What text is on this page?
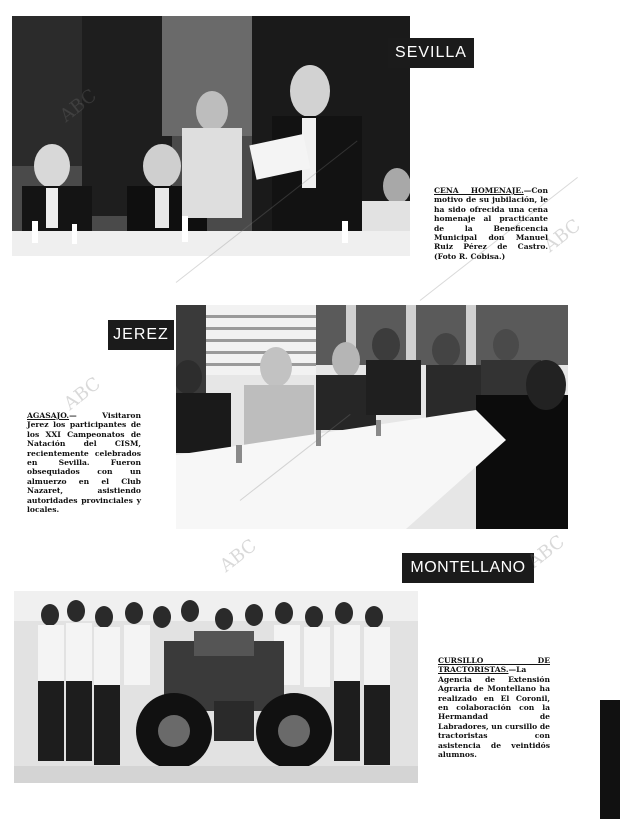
SEVILLA
CENA HOMENAJE.—Con motivo de su jubilación, le ha sido ofrecida una cena homenaje al practicante de la Beneficencia Municipal don Manuel Ruiz Pérez de Castro. (Foto R. Cobisa.)
JEREZ
AGASAJO.— Visitaron Jerez los participantes de los XXI Campeonatos de Natación del CISM, recientemente celebrados en Sevilla. Fueron obsequiados con un almuerzo en el Club Nazaret, asistiendo autoridades provinciales y locales.
MONTELLANO
CURSILLO DE TRACTORISTAS.—La Agencia de Extensión Agraria de Montellano ha realizado en El Coronil, en colaboración con la Hermandad de Labradores, un cursillo de tractoristas con asistencia de veintidós alumnos.
ABC
ABC
ABC
ABC	ABC
